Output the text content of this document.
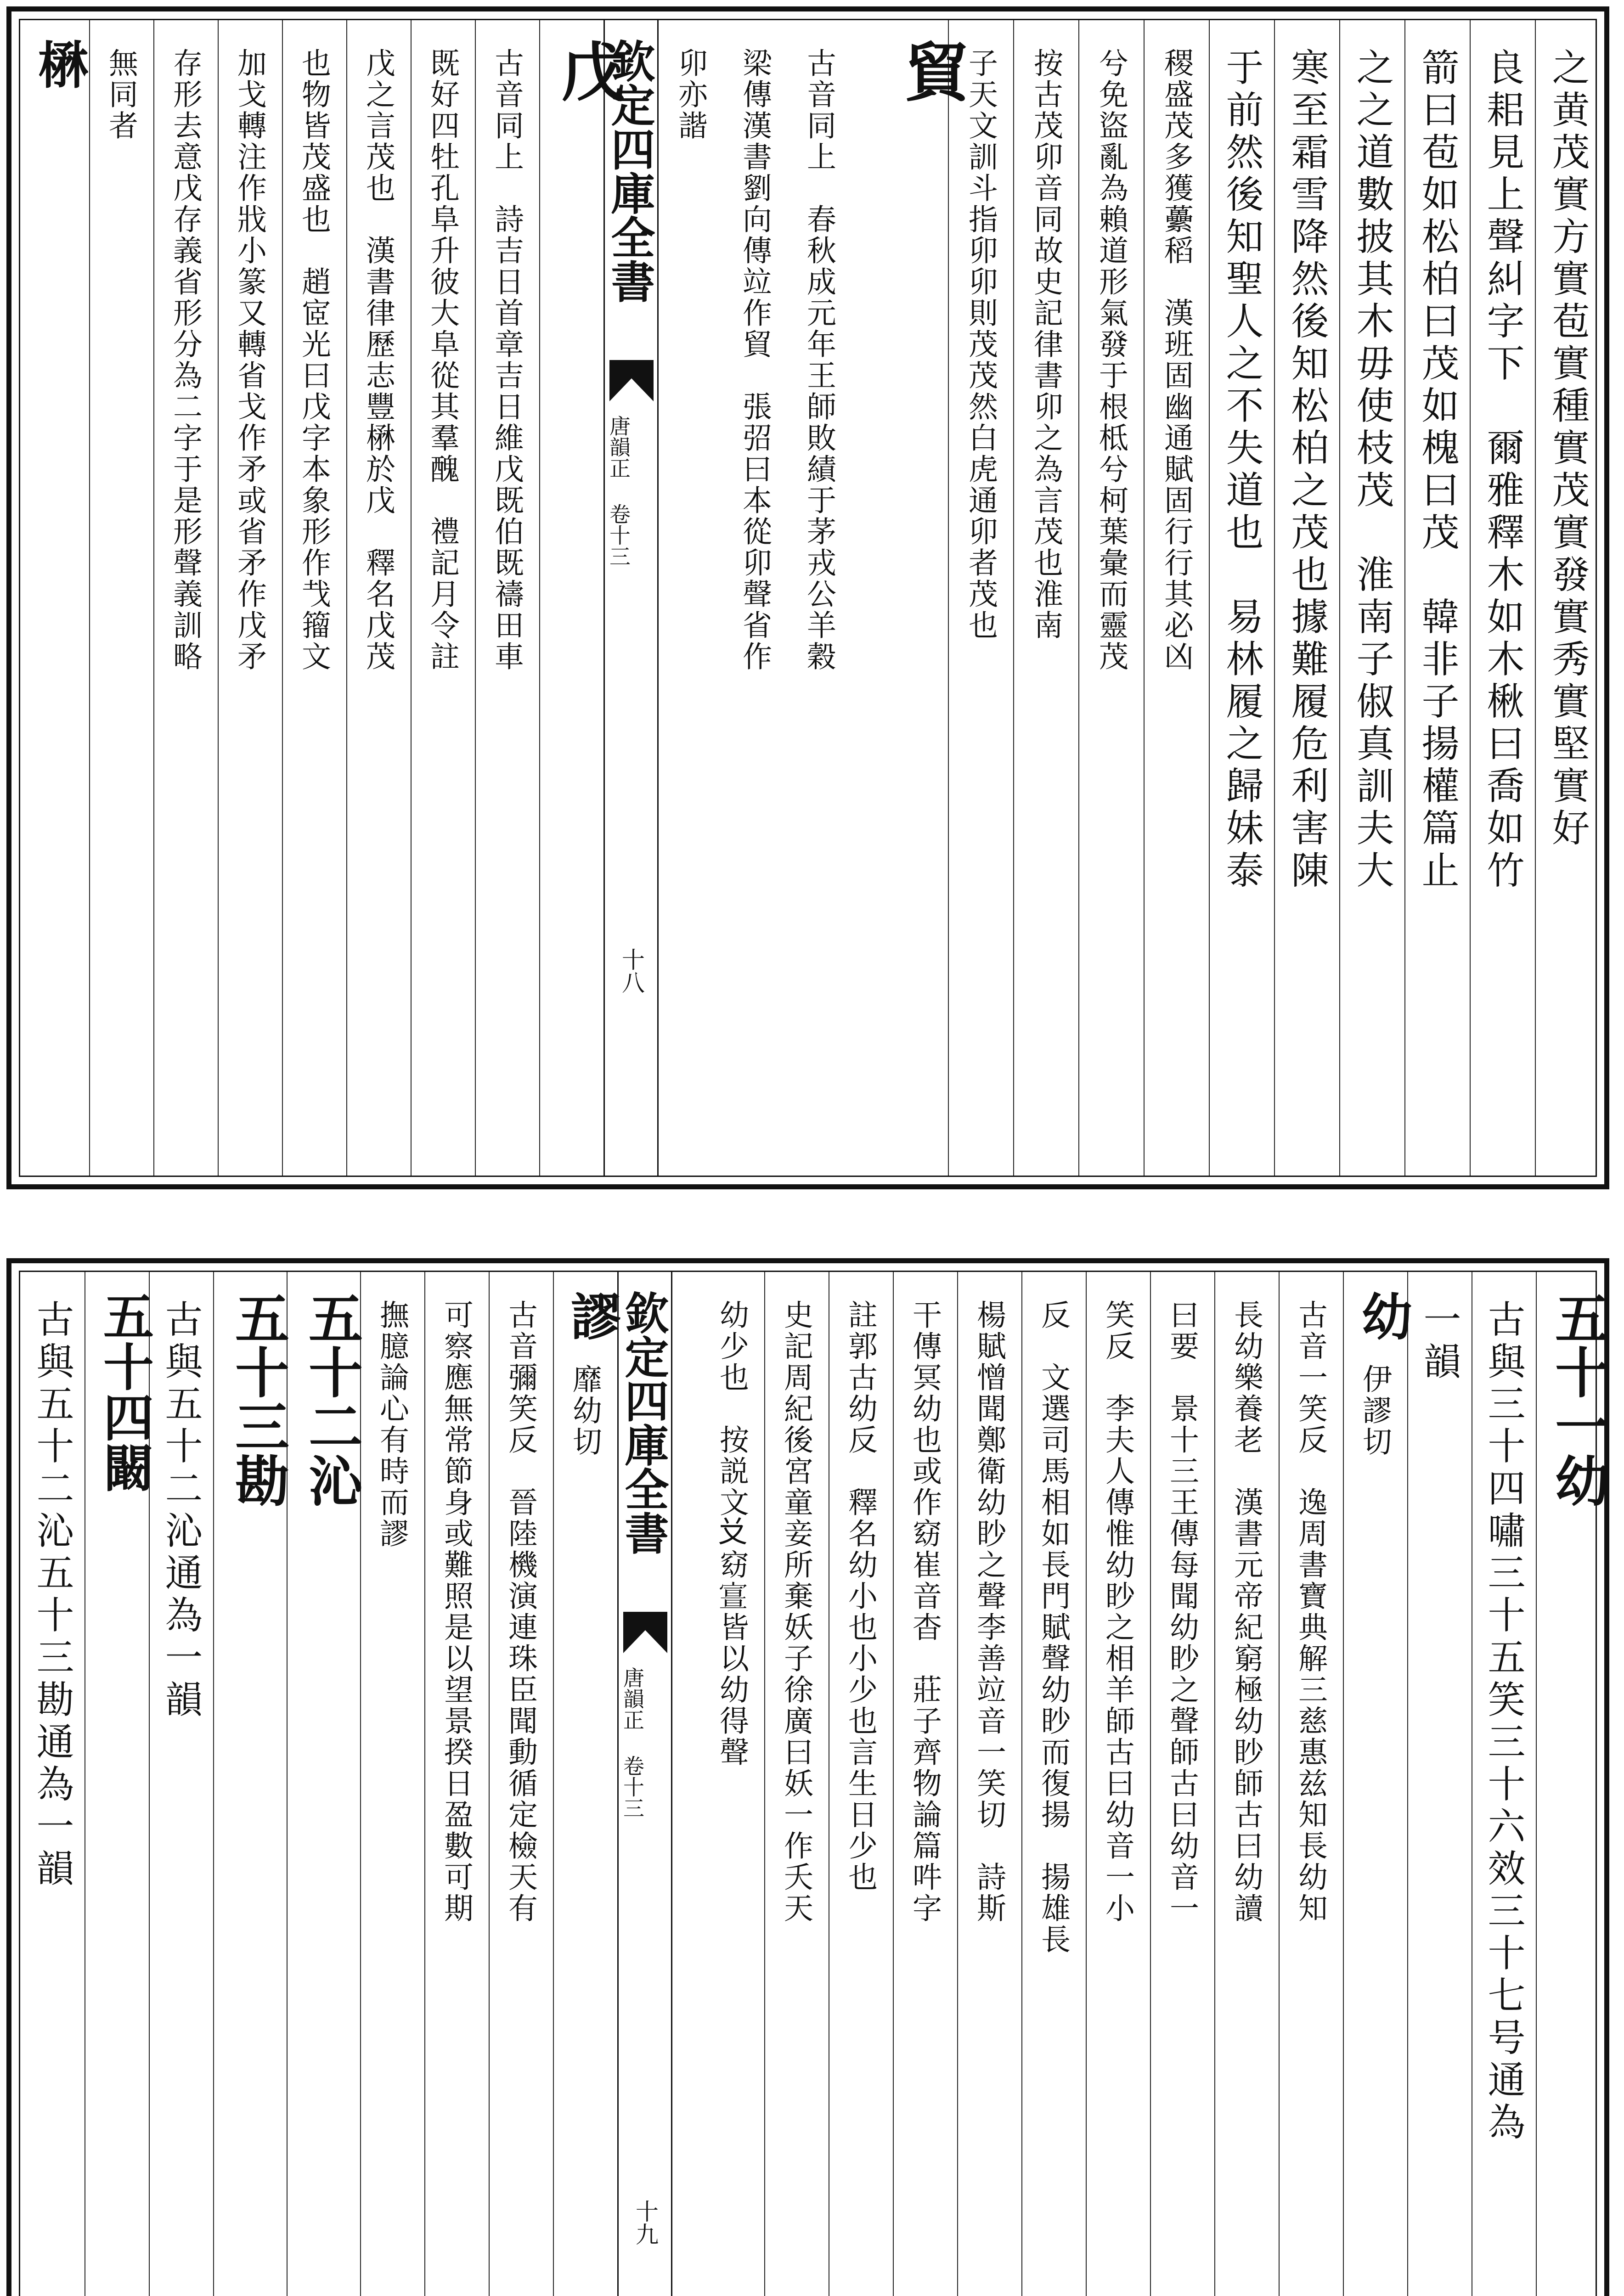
之黄茂實方實苞實種實茂實發實秀實堅實好
良耜見上聲糾字下　爾雅釋木如木楸曰喬如竹
箭曰苞如松柏曰茂如槐曰茂　韓非子揚權篇止
之之道數披其木毋使枝茂　淮南子俶真訓夫大
寒至霜雪降然後知松柏之茂也據難履危利害陳
于前然後知聖人之不失道也　易林履之歸妹泰
稷盛茂多獲虆稻　漢班固幽通賦固行行其必凶
兮免盜亂為賴道形氣發于根柢兮柯葉彙而靈茂
按古茂卯音同故史記律書卯之為言茂也淮南
子天文訓斗指卯卯則茂茂然白虎通卯者茂也
貿
古音同上　春秋成元年王師敗績于茅戎公羊穀
梁傳漢書劉向傳竝作貿　張弨曰本從卯聲省作
卯亦諧
欽定四庫全書
唐韻正 卷十三
十八
戊
古音同上　詩吉日首章吉日維戊既伯既禱田車
既好四牡孔阜升彼大阜從其羣醜　禮記月令註
戊之言茂也　漢書律歷志豐楙於戊　釋名戊茂
也物皆茂盛也　趙宧光曰戊字本象形作𢦏籀文
加戈轉注作戕小篆又轉省戈作矛或省矛作戊矛
存形去意戊存義省形分為二字于是形聲義訓略
無同者
楙
五十一幼
古與三十四嘯三十五笑三十六效三十七号通為
一韻
幼
伊謬切
古音一笑反　逸周書寶典解三慈惠兹知長幼知
長幼樂養老　漢書元帝紀窮極幼眇師古曰幼讀
曰要　景十三王傳每聞幼眇之聲師古曰幼音一
笑反　李夫人傳惟幼眇之相羊師古曰幼音一小
反　文選司馬相如長門賦聲幼眇而復揚　揚雄長
楊賦憎聞鄭衛幼眇之聲李善竝音一笑切　詩斯
干傳冥幼也或作窈崔音杳　莊子齊物論篇吽字
註郭古幼反　釋名幼小也小少也言生日少也
史記周紀後宮童妾所棄妖子徐廣曰妖一作夭天
幼少也　按説文𠬠窈𡪏皆以幼得聲
欽定四庫全書
唐韻正 卷十三
十九
謬
靡幼切
古音彌笑反　晉陸機演連珠臣聞動循定檢天有
可察應無常節身或難照是以望景揆日盈數可期
撫臆論心有時而謬
五十二沁
五十三勘
古與五十二沁通為一韻
五十四闞
古與五十二沁五十三勘通為一韻
